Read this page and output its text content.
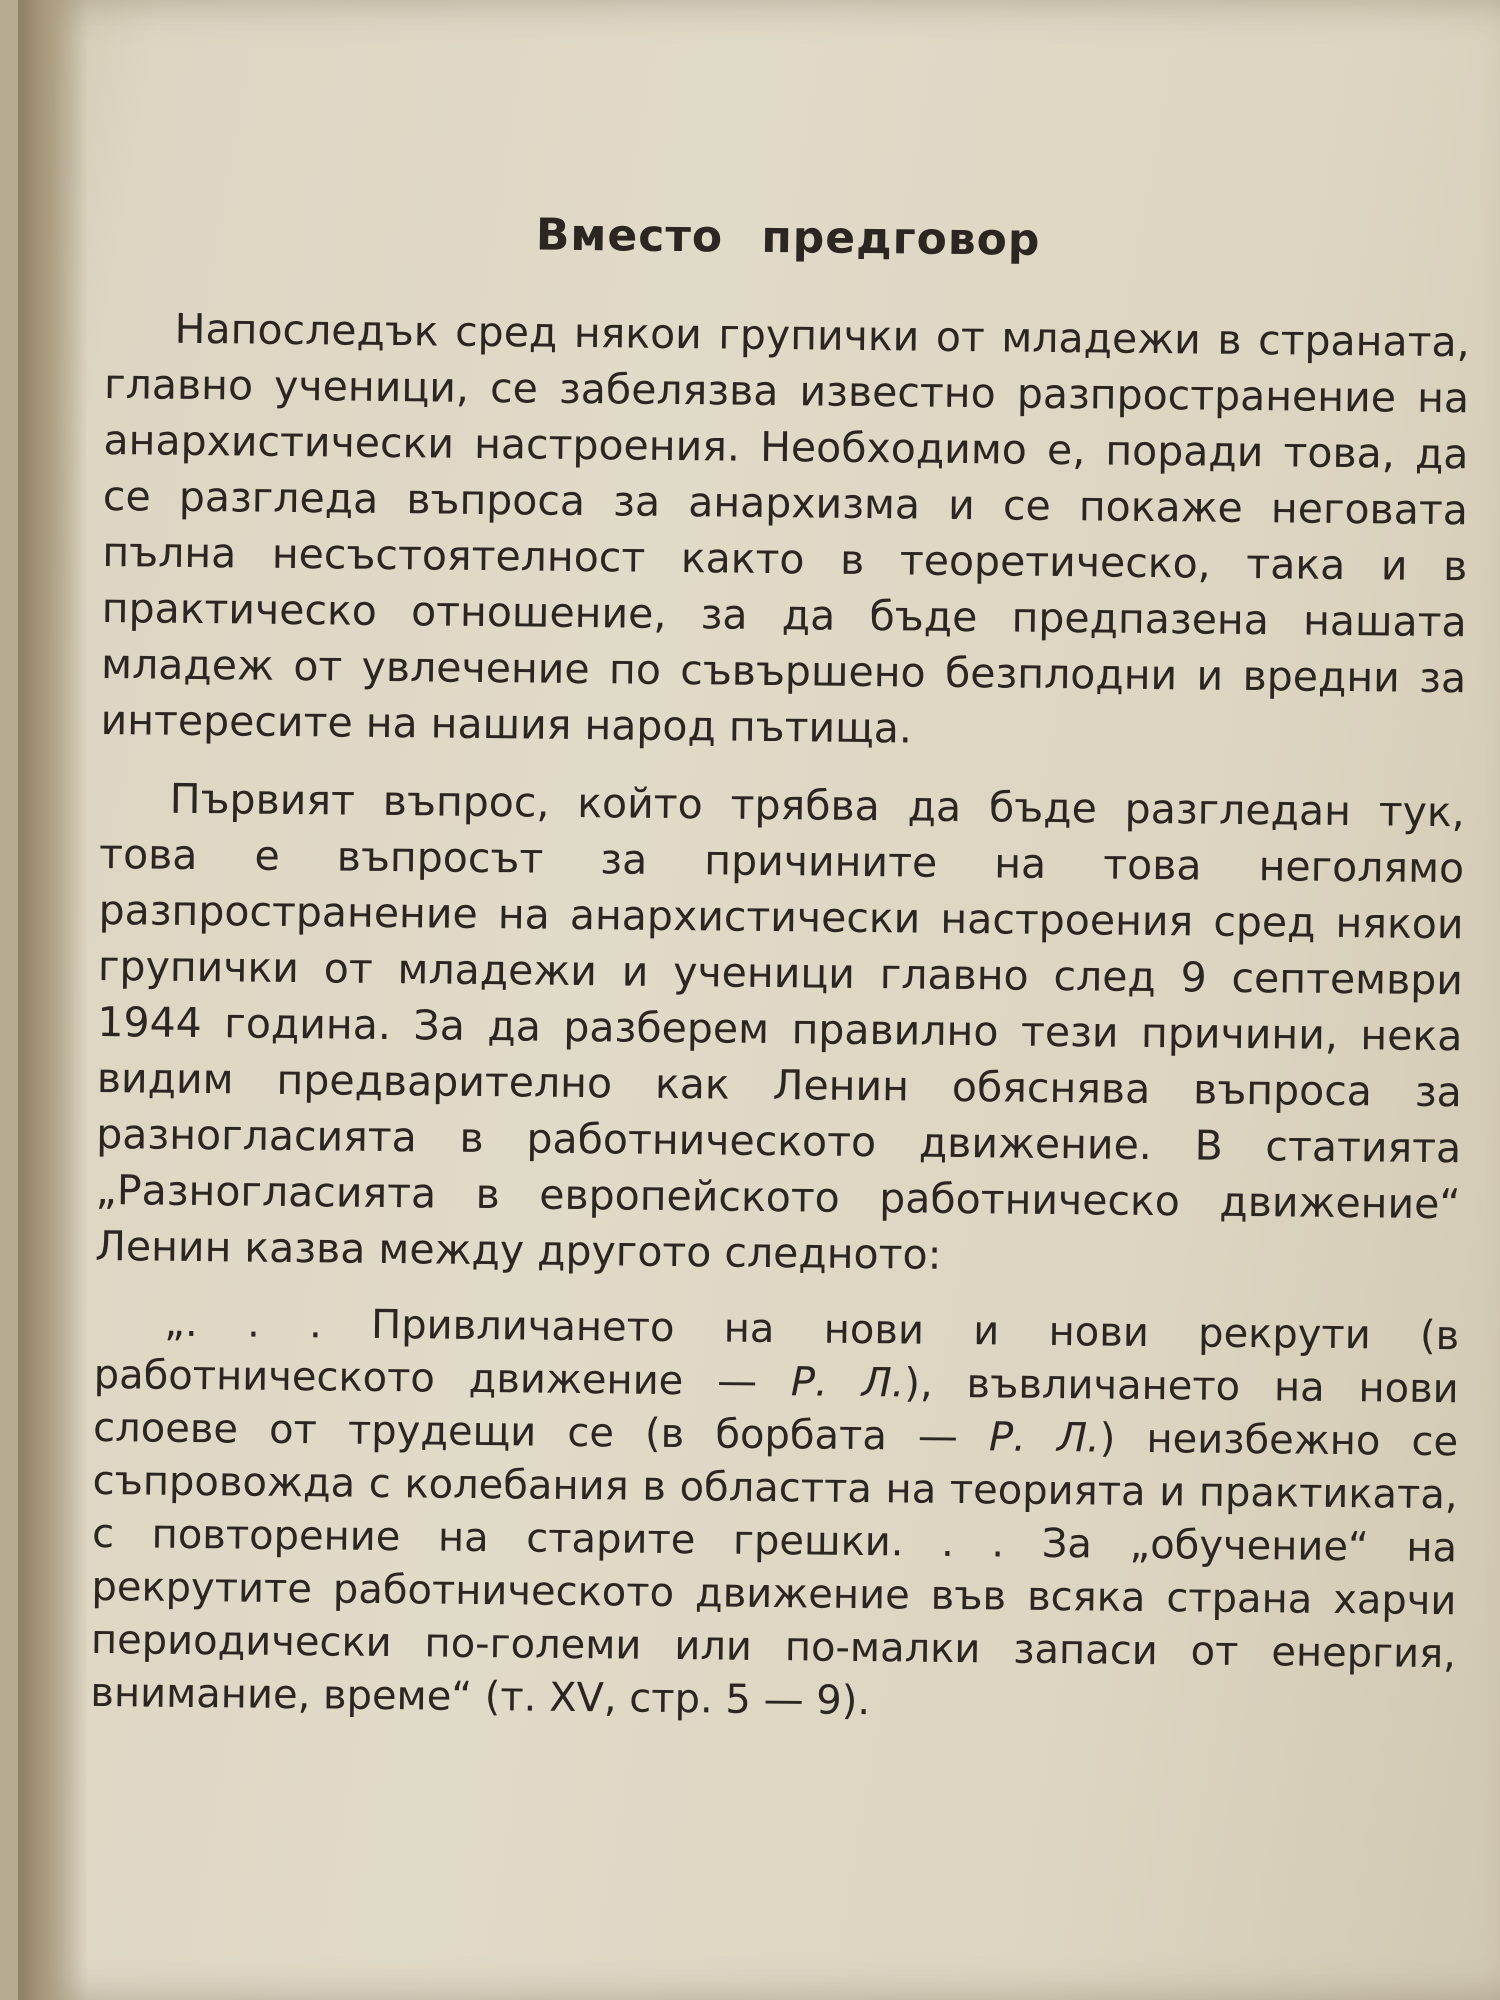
Вместо предговор

Напоследък сред някои групички от младежи в страната, главно ученици, се забелязва известно разпространение на анархистически настроения. Необходимо е, поради това, да се разгледа въпроса за анархизма и се покаже неговата пълна несъстоятелност както в теоретическо, така и в практическо отношение, за да бъде предпазена нашата младеж от увлечение по съвършено безплодни и вредни за интересите на нашия народ пътища.

Първият въпрос, който трябва да бъде разгледан тук, това е въпросът за причините на това неголямо разпространение на анархистически настроения сред някои групички от младежи и ученици главно след 9 септември 1944 година. За да разберем правилно тези причини, нека видим предварително как Ленин обяснява въпроса за разногласията в работническото движение. В статията „Разногласията в европейското работническо движение“ Ленин казва между другото следното:

„. . . Привличането на нови и нови рекрути (в работническото движение — Р. Л.), въвличането на нови слоеве от трудещи се (в борбата — Р. Л.) неизбежно се съпровожда с колебания в областта на теорията и практиката, с повторение на старите грешки. . . За „обучение“ на рекрутите работническото движение във всяка страна харчи периодически по-големи или по-малки запаси от енергия, внимание, време“ (т. XV, стр. 5 — 9).
